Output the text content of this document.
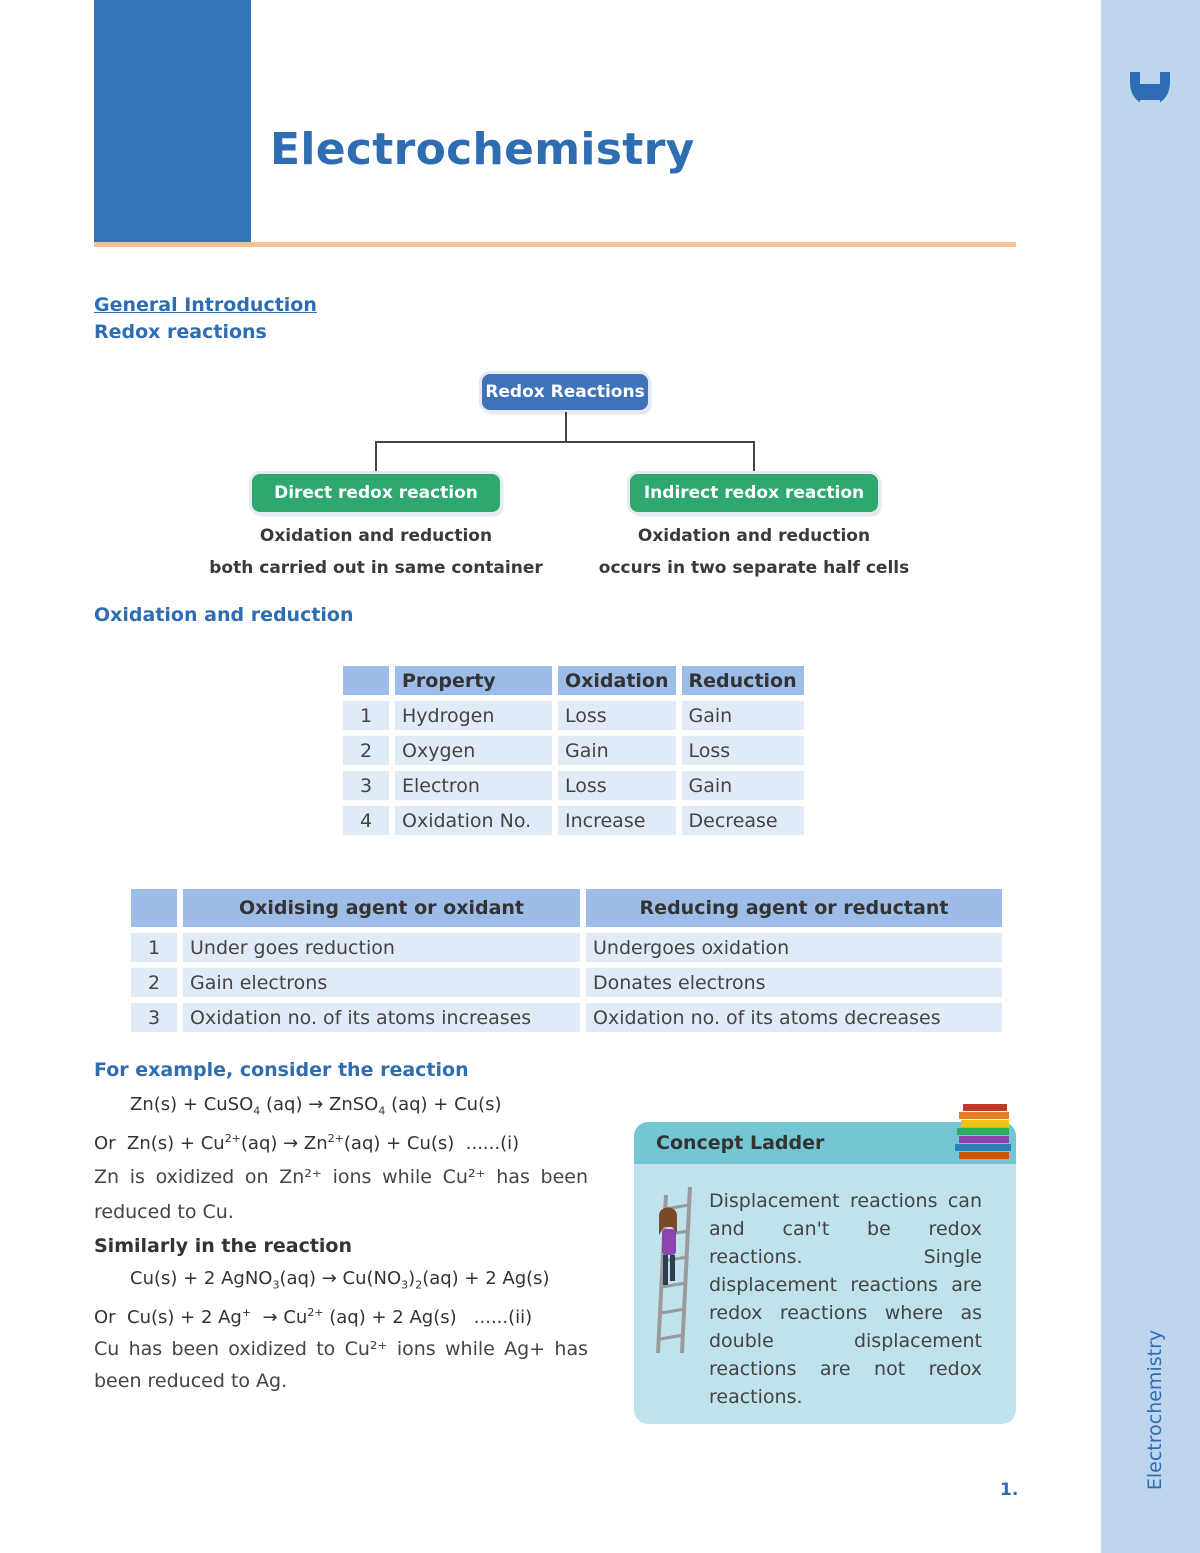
Electrochemistry
Electrochemistry
General Introduction
Redox reactions
Redox Reactions
Direct redox reaction	Indirect redox reaction
Oxidation and reduction
both carried out in same container
Oxidation and reduction
occurs in two separate half cells
Oxidation and reduction
	Property	Oxidation	Reduction
1	Hydrogen	Loss	Gain
2	Oxygen	Gain	Loss
3	Electron	Loss	Gain
4	Oxidation No.	Increase	Decrease
	Oxidising agent or oxidant	Reducing agent or reductant
1	Under goes reduction	Undergoes oxidation
2	Gain electrons	Donates electrons
3	Oxidation no. of its atoms increases	Oxidation no. of its atoms decreases
For example, consider the reaction
Zn(s) + CuSO$_4$ (aq) → ZnSO$_4$ (aq) + Cu(s)
Or  $Zn(s) + Cu^{2+}(aq) \to Zn^{2+}(aq) + Cu(s)$  ......(i)
Zn is oxidized on Zn²⁺ ions while Cu²⁺ has been reduced to Cu.
Similarly in the reaction
Cu(s) + 2 AgNO$_3$(aq) → $Cu(NO_3)_2(aq) + 2$ Ag(s)
Or  Cu(s) + 2 $Ag^+ \to Cu^{2+}$ (aq) + 2 Ag(s)   ......(ii)
Cu has been oxidized to Cu²⁺ ions while Ag+ has been reduced to Ag.
Concept Ladder
Displacement reactions can and can't be redox reactions. Single displacement reactions are redox reactions where as double displacement reactions are not redox reactions.
1.
